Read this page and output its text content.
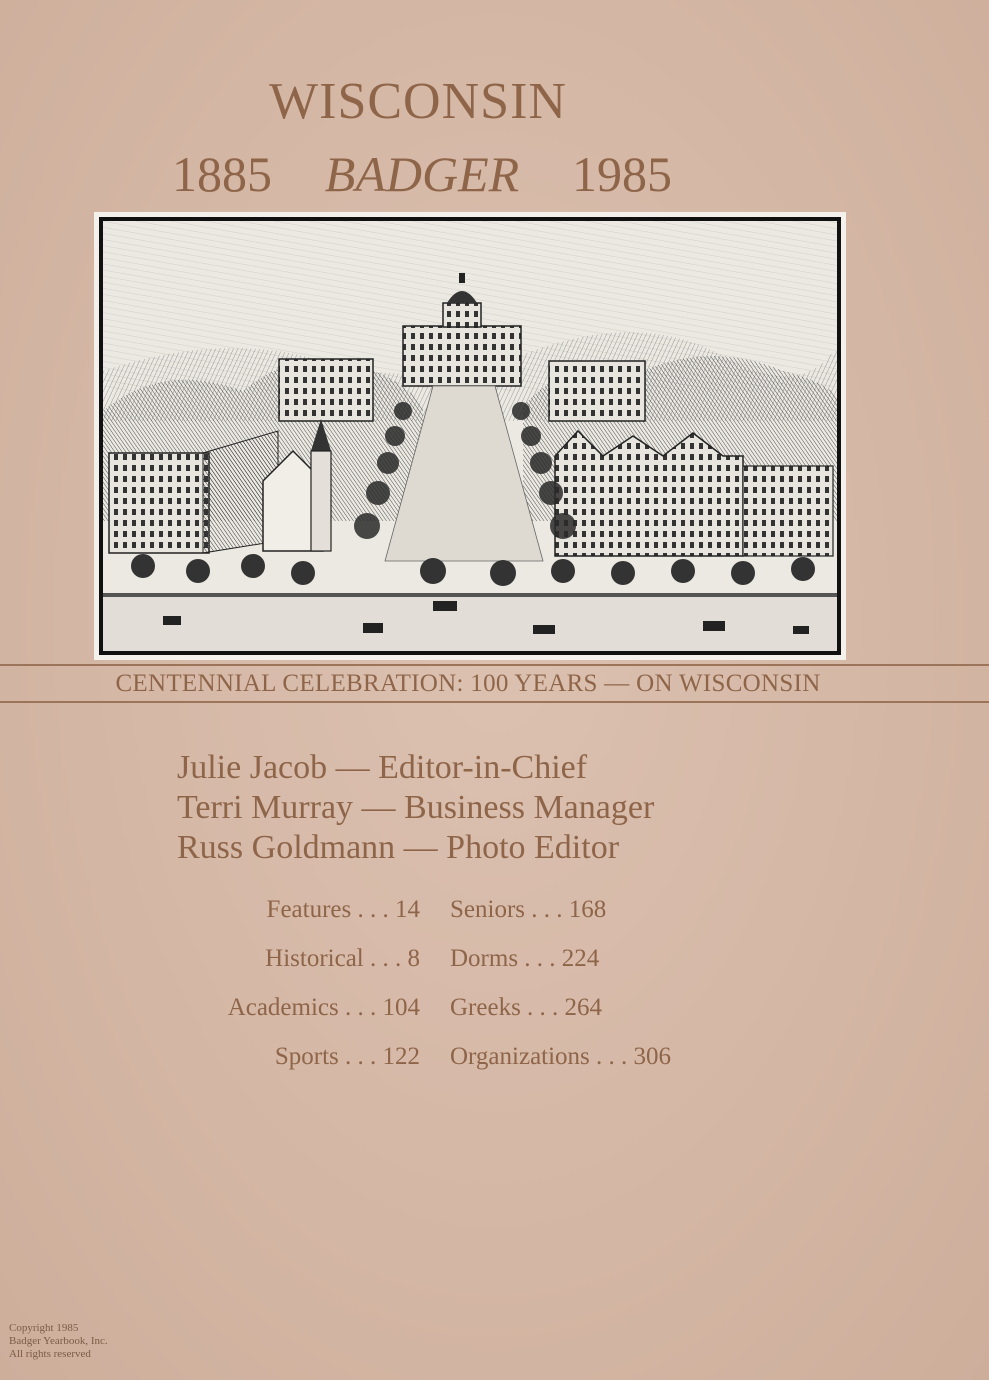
WISCONSIN
1885 BADGER 1985
CENTENNIAL CELEBRATION: 100 YEARS — ON WISCONSIN
Julie Jacob — Editor-in-Chief
Terri Murray — Business Manager
Russ Goldmann — Photo Editor
Features . . . 14
Historical . . . 8
Academics . . . 104
Sports . . . 122
Seniors . . . 168
Dorms . . . 224
Greeks . . . 264
Organizations . . . 306
Copyright 1985
Badger Yearbook, Inc.
All rights reserved
